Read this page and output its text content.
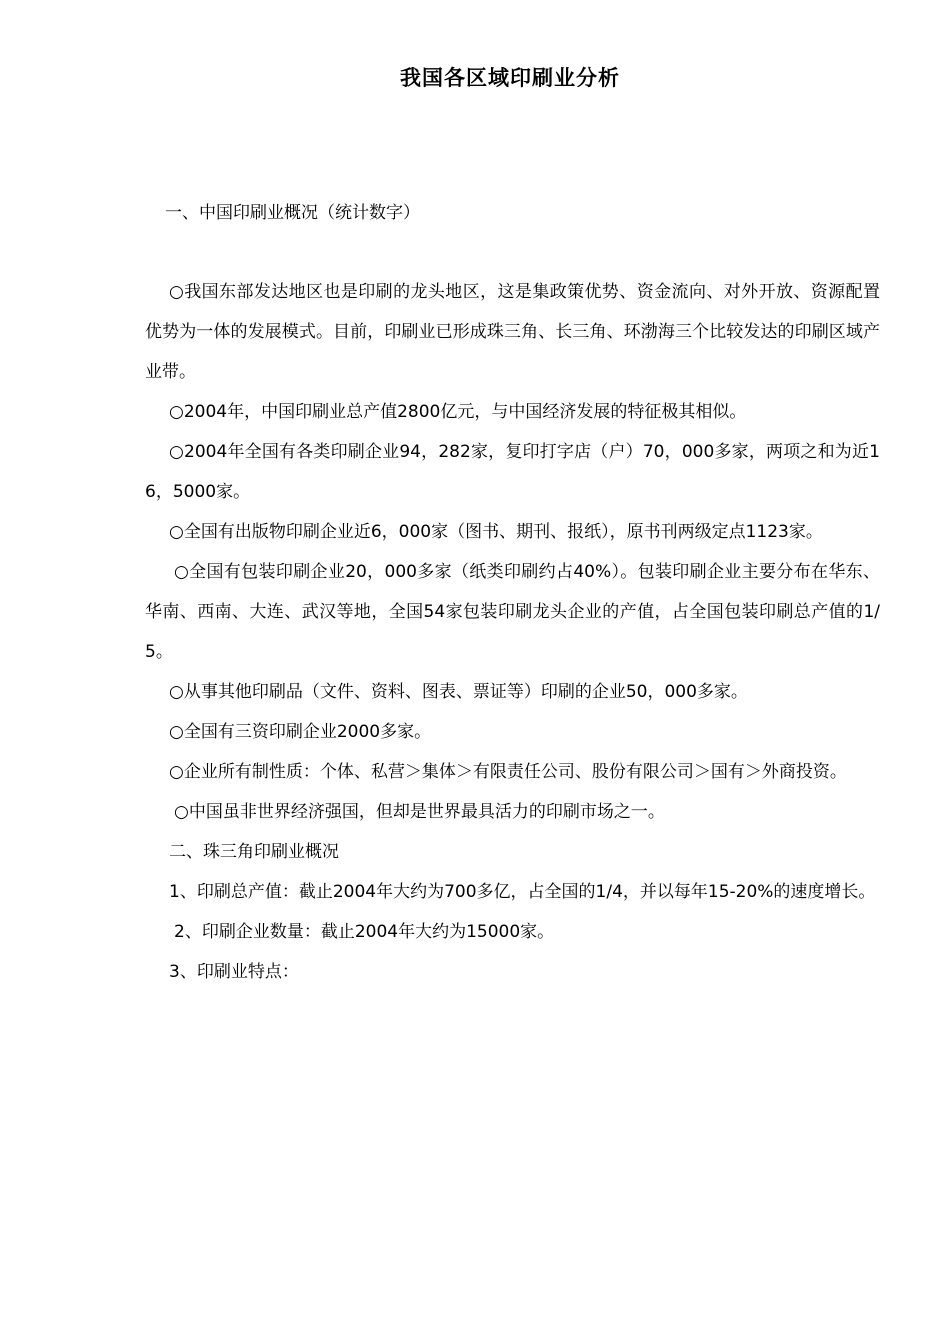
我国各区域印刷业分析

一、中国印刷业概况（统计数字）

○我国东部发达地区也是印刷的龙头地区，这是集政策优势、资金流向、对外开放、资源配置优势为一体的发展模式。目前，印刷业已形成珠三角、长三角、环渤海三个比较发达的印刷区域产业带。

○2004年，中国印刷业总产值2800亿元，与中国经济发展的特征极其相似。

○2004年全国有各类印刷企业94，282家，复印打字店（户）70，000多家，两项之和为近16，5000家。

○全国有出版物印刷企业近6，000家（图书、期刊、报纸），原书刊两级定点1123家。

○全国有包装印刷企业20，000多家（纸类印刷约占40%）。包装印刷企业主要分布在华东、华南、西南、大连、武汉等地，全国54家包装印刷龙头企业的产值，占全国包装印刷总产值的1/5。

○从事其他印刷品（文件、资料、图表、票证等）印刷的企业50，000多家。

○全国有三资印刷企业2000多家。

○企业所有制性质：个体、私营＞集体＞有限责任公司、股份有限公司＞国有＞外商投资。

○中国虽非世界经济强国，但却是世界最具活力的印刷市场之一。

二、珠三角印刷业概况

1、印刷总产值：截止2004年大约为700多亿，占全国的1/4，并以每年15-20%的速度增长。

2、印刷企业数量：截止2004年大约为15000家。

3、印刷业特点：
